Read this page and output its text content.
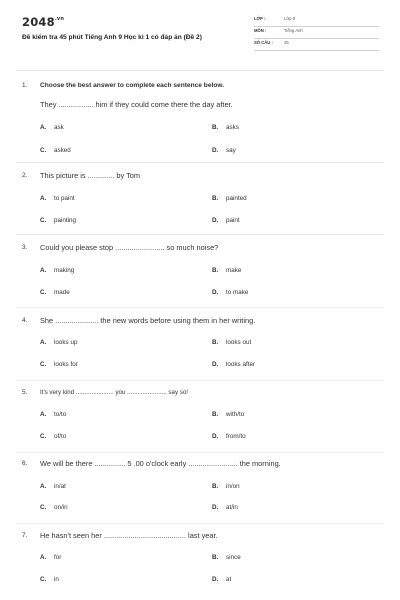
$2048^{.vn}$
Đề kiểm tra 45 phút Tiếng Anh 9 Học kì 1 có đáp án (Đề 2)
LỚP :	Lớp 9
MÔN :	Tiếng Anh
SỐ CÂU :	25
1. Choose the best answer to complete each sentence below.
They ................. him if they could come there the day after.
A. ask	B. asks
C. asked	D. say
2. This picture is ............. by Tom
A. to paint	B. painted
C. painting	D. paint
3. Could you please stop ........................ so much noise?
A. making	B. make
C. made	D. to make
4. She ..................... the new words before using them in her writing.
A. looks up	B. looks out
C. looks for	D. looks after
5. It's very kind ...................... you ....................... say so!
A. to/to	B. with/to
C. of/to	D. from/to
6. We will be there ............... 5 .00 o'clock early ........................ the morning.
A. in/at	B. in/on
C. on/in	D. at/in
7. He hasn't seen her ........................................ last year.
A. for	B. since
C. in	D. at
